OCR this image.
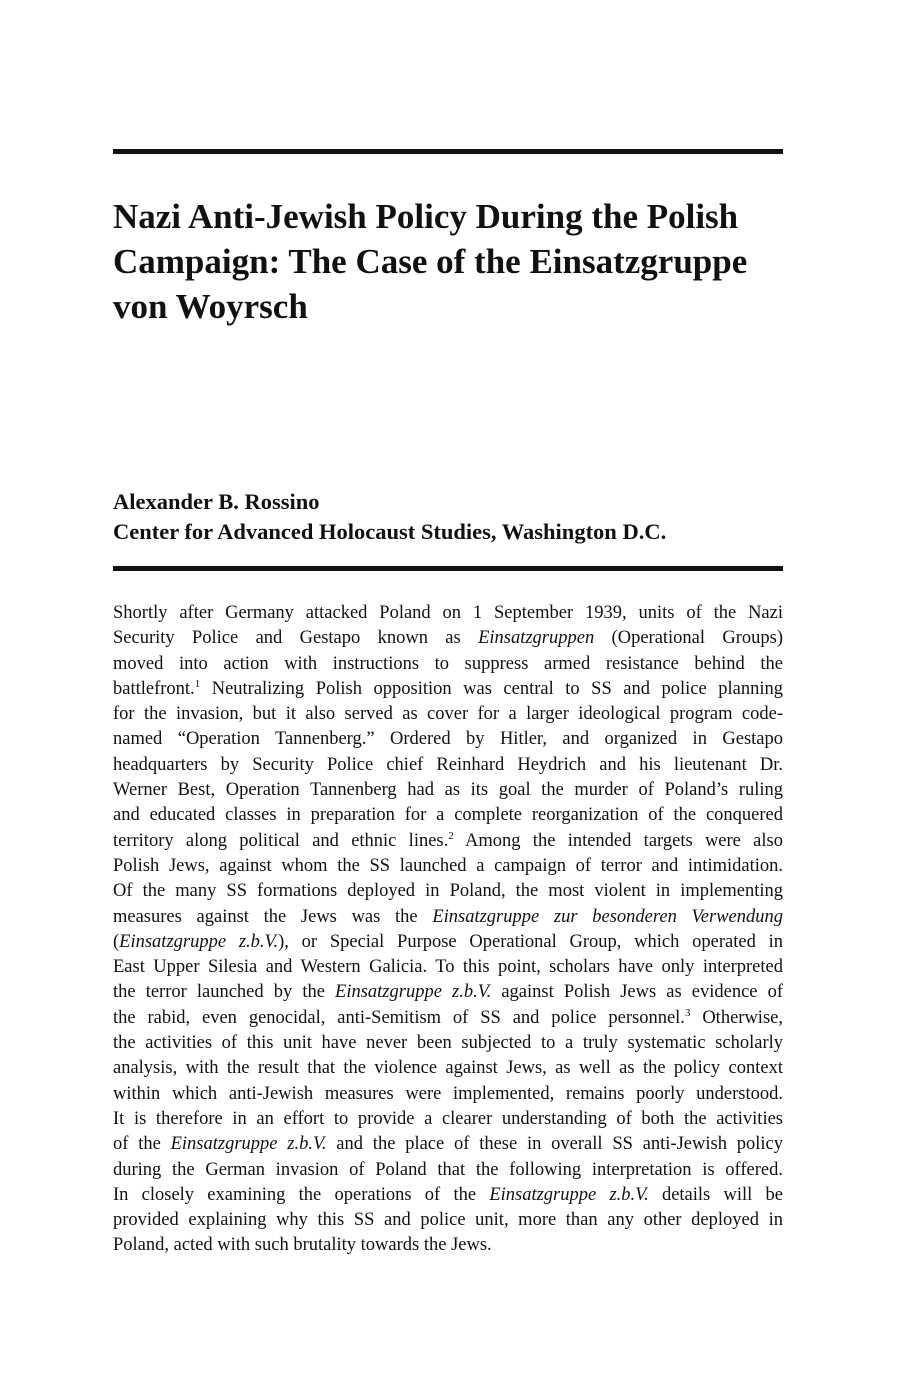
Nazi Anti-Jewish Policy During the Polish
Campaign: The Case of the Einsatzgruppe
von Woyrsch
Alexander B. Rossino
Center for Advanced Holocaust Studies, Washington D.C.
Shortly after Germany attacked Poland on 1 September 1939, units of the Nazi
Security Police and Gestapo known as Einsatzgruppen (Operational Groups)
moved into action with instructions to suppress armed resistance behind the
battlefront.$^1$ Neutralizing Polish opposition was central to SS and police planning
for the invasion, but it also served as cover for a larger ideological program code-
named “Operation Tannenberg.” Ordered by Hitler, and organized in Gestapo
headquarters by Security Police chief Reinhard Heydrich and his lieutenant Dr.
Werner Best, Operation Tannenberg had as its goal the murder of Poland’s ruling
and educated classes in preparation for a complete reorganization of the conquered
territory along political and ethnic lines.$^2$ Among the intended targets were also
Polish Jews, against whom the SS launched a campaign of terror and intimidation.
Of the many SS formations deployed in Poland, the most violent in implementing
measures against the Jews was the Einsatzgruppe zur besonderen Verwendung
(Einsatzgruppe z.b.V.), or Special Purpose Operational Group, which operated in
East Upper Silesia and Western Galicia. To this point, scholars have only interpreted
the terror launched by the Einsatzgruppe z.b.V. against Polish Jews as evidence of
the rabid, even genocidal, anti-Semitism of SS and police personnel.$^3$ Otherwise,
the activities of this unit have never been subjected to a truly systematic scholarly
analysis, with the result that the violence against Jews, as well as the policy context
within which anti-Jewish measures were implemented, remains poorly understood.
It is therefore in an effort to provide a clearer understanding of both the activities
of the Einsatzgruppe z.b.V. and the place of these in overall SS anti-Jewish policy
during the German invasion of Poland that the following interpretation is offered.
In closely examining the operations of the Einsatzgruppe z.b.V. details will be
provided explaining why this SS and police unit, more than any other deployed in
Poland, acted with such brutality towards the Jews.
